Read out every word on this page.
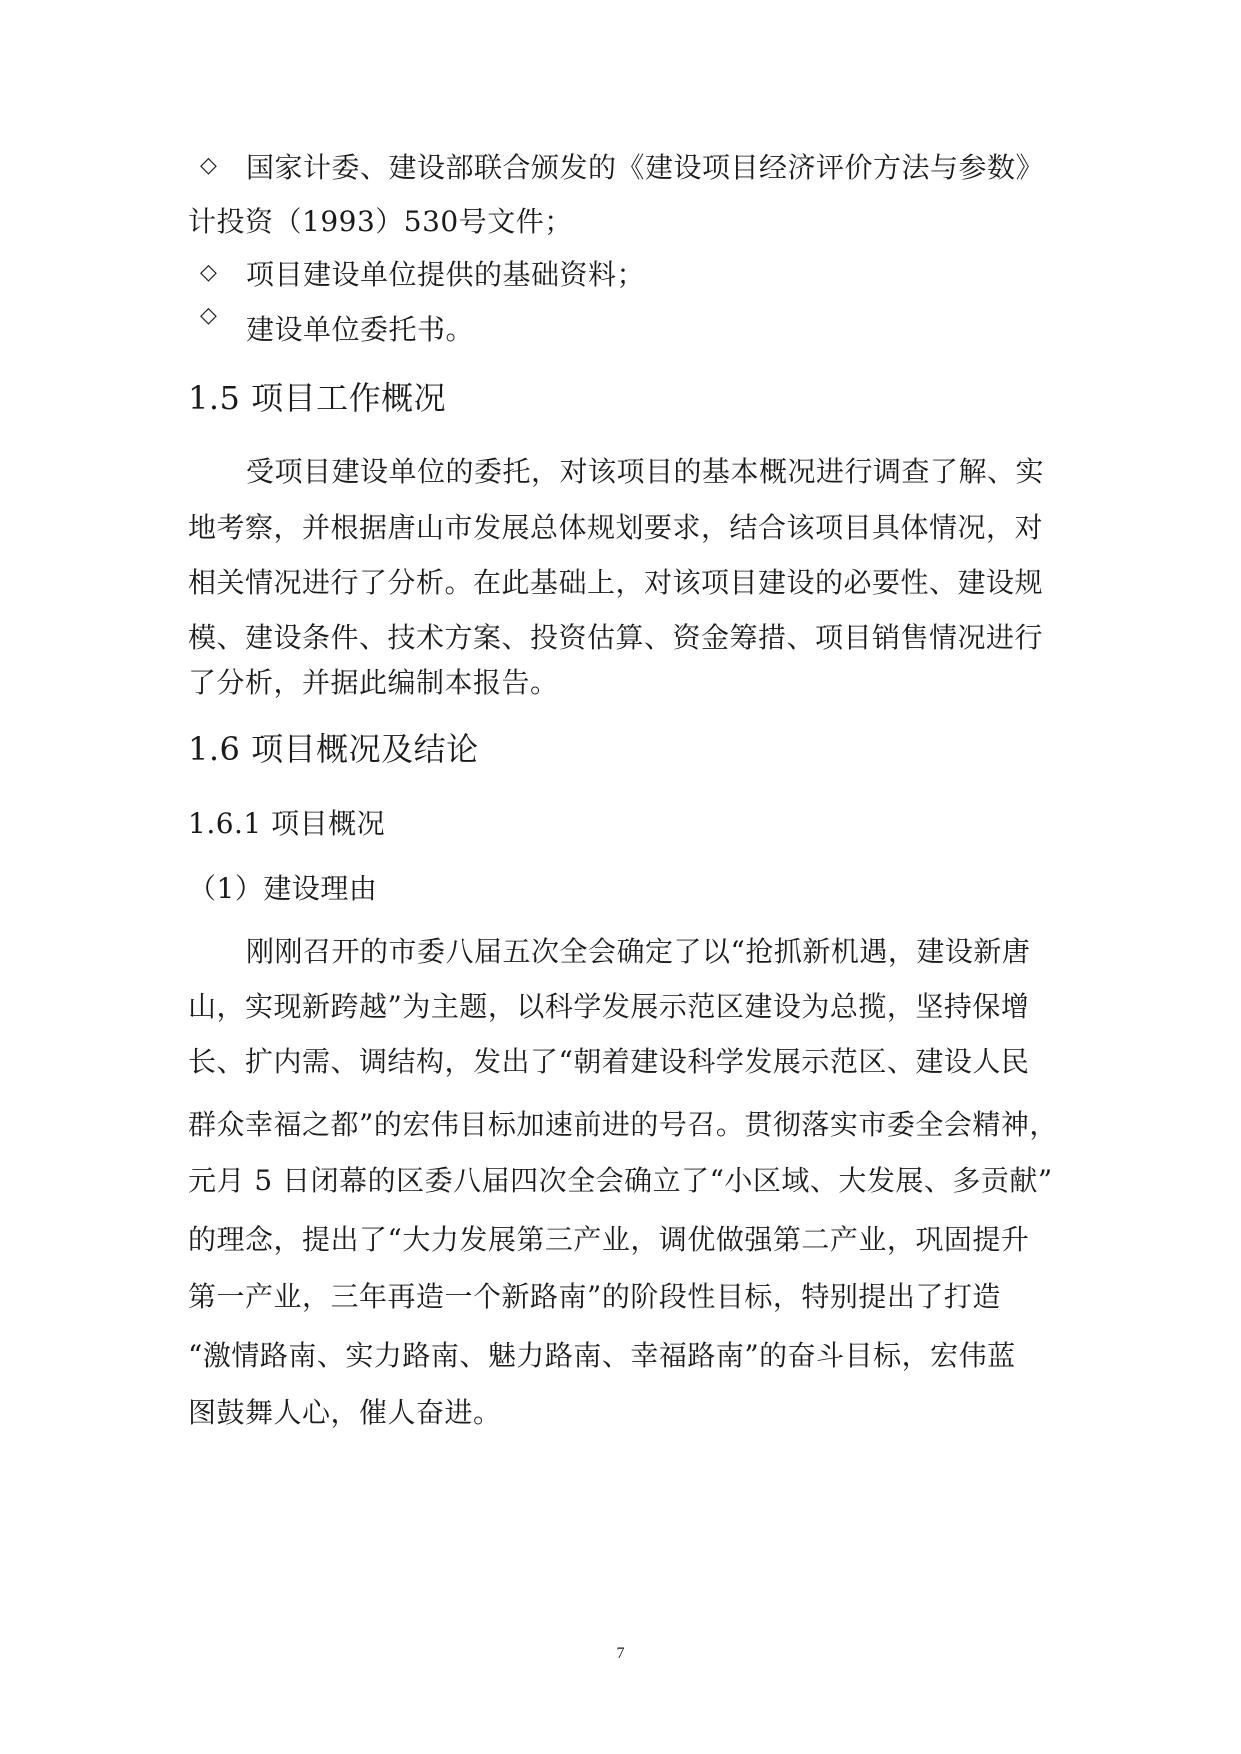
◇ 国家计委、建设部联合颁发的《建设项目经济评价方法与参数》
计投资（1993）530号文件；
◇ 项目建设单位提供的基础资料；
◇ 建设单位委托书。
1.5 项目工作概况
受项目建设单位的委托，对该项目的基本概况进行调查了解、实
地考察，并根据唐山市发展总体规划要求，结合该项目具体情况，对
相关情况进行了分析。在此基础上，对该项目建设的必要性、建设规
模、建设条件、技术方案、投资估算、资金筹措、项目销售情况进行
了分析，并据此编制本报告。
1.6 项目概况及结论
1.6.1 项目概况
（1）建设理由
刚刚召开的市委八届五次全会确定了以“抢抓新机遇，建设新唐
山，实现新跨越”为主题，以科学发展示范区建设为总揽，坚持保增
长、扩内需、调结构，发出了“朝着建设科学发展示范区、建设人民
群众幸福之都”的宏伟目标加速前进的号召。贯彻落实市委全会精神，
元月 5 日闭幕的区委八届四次全会确立了“小区域、大发展、多贡献”
的理念，提出了“大力发展第三产业，调优做强第二产业，巩固提升
第一产业，三年再造一个新路南”的阶段性目标，特别提出了打造
“激情路南、实力路南、魅力路南、幸福路南”的奋斗目标，宏伟蓝
图鼓舞人心，催人奋进。
7
